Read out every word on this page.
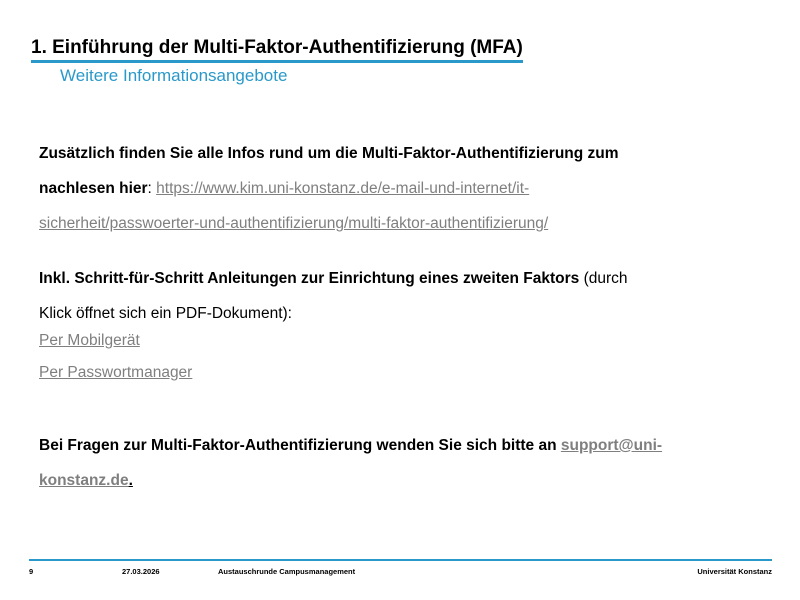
1. Einführung der Multi-Faktor-Authentifizierung (MFA)
Weitere Informationsangebote
Zusätzlich finden Sie alle Infos rund um die Multi-Faktor-Authentifizierung zum
nachlesen hier: https://www.kim.uni-konstanz.de/e-mail-und-internet/it-
sicherheit/passwoerter-und-authentifizierung/multi-faktor-authentifizierung/
Inkl. Schritt-für-Schritt Anleitungen zur Einrichtung eines zweiten Faktors (durch
Klick öffnet sich ein PDF-Dokument):
Per Mobilgerät
Per Passwortmanager
Bei Fragen zur Multi-Faktor-Authentifizierung wenden Sie sich bitte an support@uni-
konstanz.de.
9	27.03.2026	Austauschrunde Campusmanagement	Universität Konstanz
